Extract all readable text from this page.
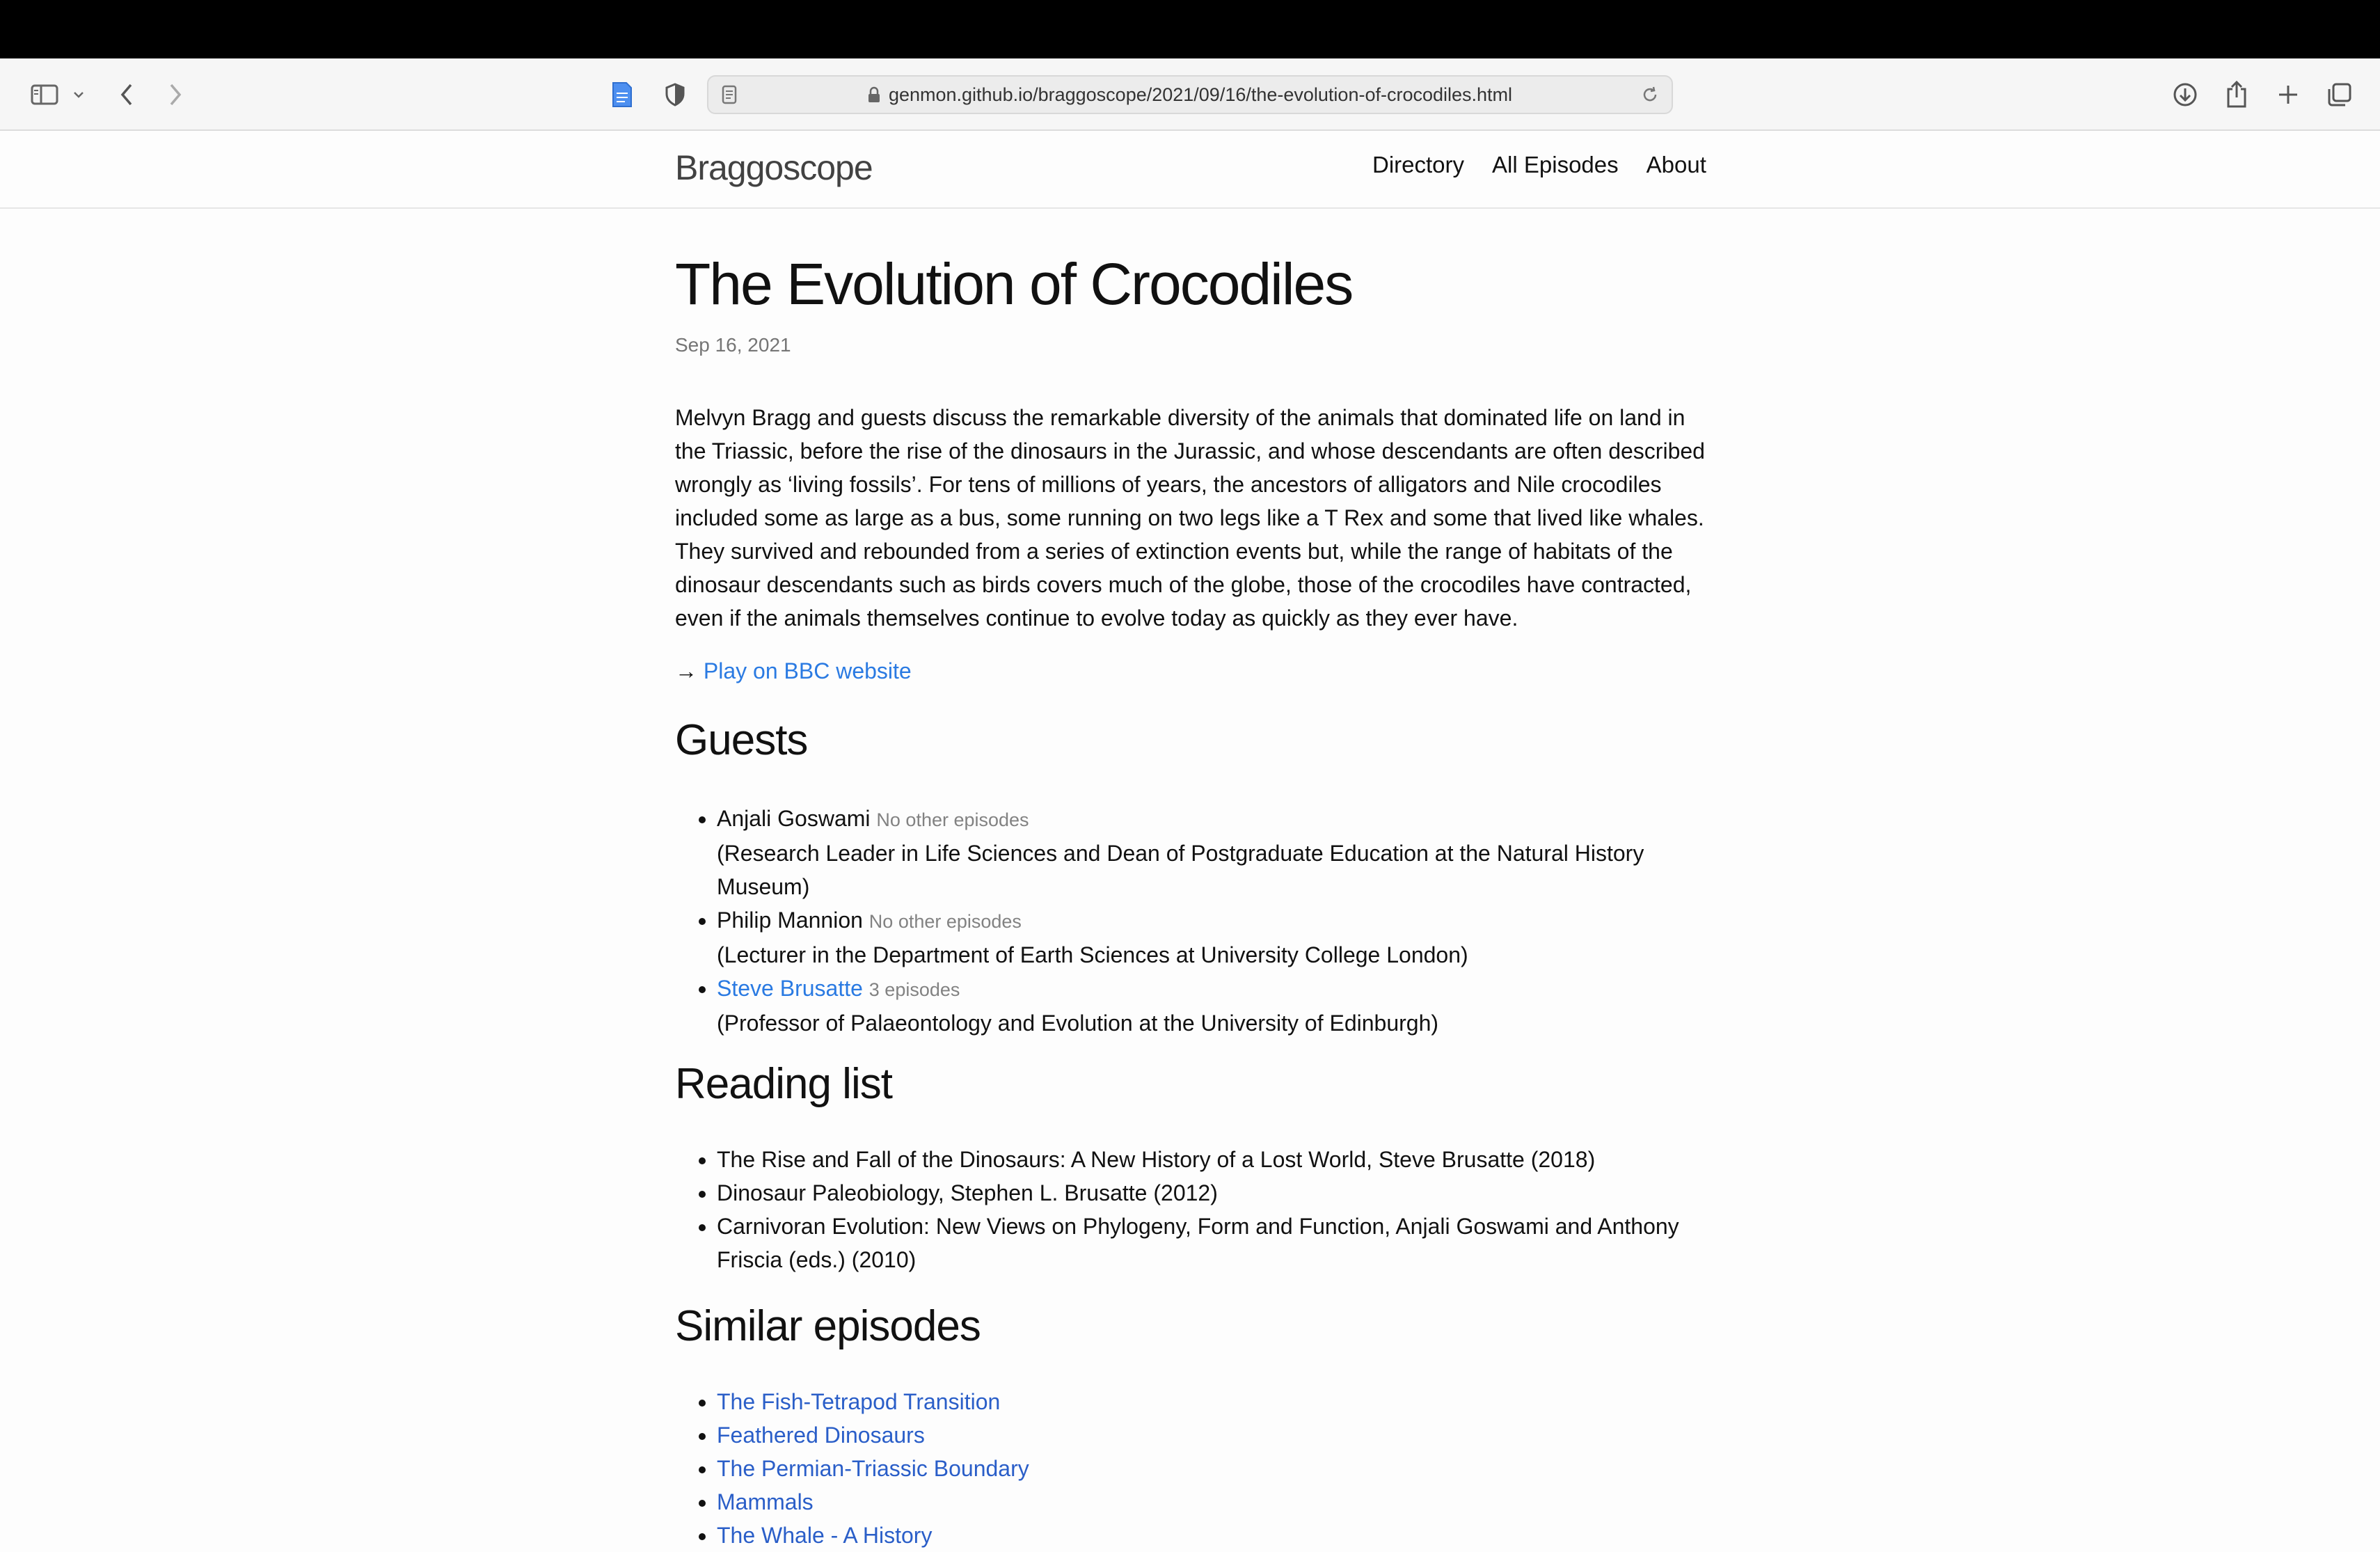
genmon.github.io/braggoscope/2021/09/16/the-evolution-of-crocodiles.html
Braggoscope	Directory All Episodes About
The Evolution of Crocodiles
Sep 16, 2021

Melvyn Bragg and guests discuss the remarkable diversity of the animals that dominated life on land in the Triassic, before the rise of the dinosaurs in the Jurassic, and whose descendants are often described wrongly as ‘living fossils’. For tens of millions of years, the ancestors of alligators and Nile crocodiles included some as large as a bus, some running on two legs like a T Rex and some that lived like whales. They survived and rebounded from a series of extinction events but, while the range of habitats of the dinosaur descendants such as birds covers much of the globe, those of the crocodiles have contracted, even if the animals themselves continue to evolve today as quickly as they ever have.

→ Play on BBC website
Guests
• Anjali Goswami No other episodes
(Research Leader in Life Sciences and Dean of Postgraduate Education at the Natural History Museum)
• Philip Mannion No other episodes
(Lecturer in the Department of Earth Sciences at University College London)
• Steve Brusatte 3 episodes
(Professor of Palaeontology and Evolution at the University of Edinburgh)
Reading list
• The Rise and Fall of the Dinosaurs: A New History of a Lost World, Steve Brusatte (2018)
• Dinosaur Paleobiology, Stephen L. Brusatte (2012)
• Carnivoran Evolution: New Views on Phylogeny, Form and Function, Anjali Goswami and Anthony Friscia (eds.) (2010)
Similar episodes
• The Fish-Tetrapod Transition
• Feathered Dinosaurs
• The Permian-Triassic Boundary
• Mammals
• The Whale - A History
